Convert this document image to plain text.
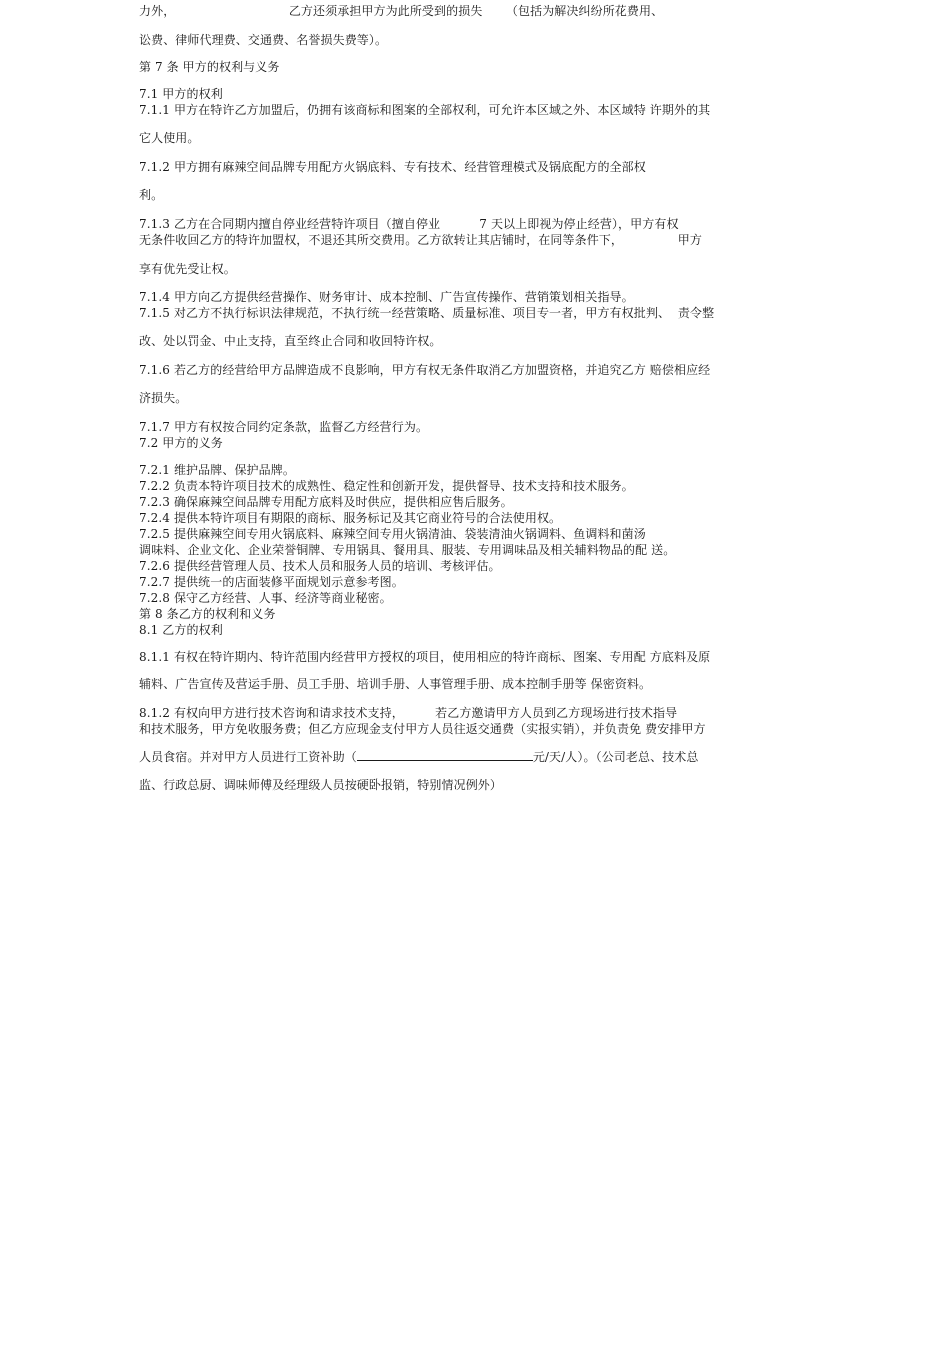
力外，                             乙方还须承担甲方为此所受到的损失      （包括为解决纠纷所花费用、
讼费、律师代理费、交通费、名誉损失费等）。
第 7 条 甲方的权利与义务
7.1 甲方的权利
7.1.1 甲方在特许乙方加盟后，仍拥有该商标和图案的全部权利，可允许本区域之外、本区域特 许期外的其
它人使用。
7.1.2 甲方拥有麻辣空间品牌专用配方火锅底料、专有技术、经营管理模式及锅底配方的全部权
利。
7.1.3 乙方在合同期内擅自停业经营特许项目（擅自停业          7 天以上即视为停止经营），甲方有权
无条件收回乙方的特许加盟权，不退还其所交费用。乙方欲转让其店铺时，在同等条件下，              甲方
享有优先受让权。
7.1.4 甲方向乙方提供经营操作、财务审计、成本控制、广告宣传操作、营销策划相关指导。
7.1.5 对乙方不执行标识法律规范，不执行统一经营策略、质量标准、项目专一者，甲方有权批判、  责令整
改、处以罚金、中止支持，直至终止合同和收回特许权。
7.1.6 若乙方的经营给甲方品牌造成不良影响，甲方有权无条件取消乙方加盟资格，并追究乙方 赔偿相应经
济损失。
7.1.7 甲方有权按合同约定条款，监督乙方经营行为。
7.2 甲方的义务
7.2.1 维护品牌、保护品牌。
7.2.2 负责本特许项目技术的成熟性、稳定性和创新开发，提供督导、技术支持和技术服务。
7.2.3 确保麻辣空间品牌专用配方底料及时供应，提供相应售后服务。
7.2.4 提供本特许项目有期限的商标、服务标记及其它商业符号的合法使用权。
7.2.5 提供麻辣空间专用火锅底料、麻辣空间专用火锅清油、袋装清油火锅调料、鱼调料和菌汤
调味料、企业文化、企业荣誉铜牌、专用锅具、餐用具、服装、专用调味品及相关辅料物品的配 送。
7.2.6 提供经营管理人员、技术人员和服务人员的培训、考核评估。
7.2.7 提供统一的店面装修平面规划示意参考图。
7.2.8 保守乙方经营、人事、经济等商业秘密。
第 8 条乙方的权利和义务
8.1 乙方的权利
8.1.1 有权在特许期内、特许范围内经营甲方授权的项目，使用相应的特许商标、图案、专用配 方底料及原
辅料、广告宣传及营运手册、员工手册、培训手册、人事管理手册、成本控制手册等 保密资料。
8.1.2 有权向甲方进行技术咨询和请求技术支持，        若乙方邀请甲方人员到乙方现场进行技术指导
和技术服务，甲方免收服务费；但乙方应现金支付甲方人员往返交通费（实报实销），并负责免 费安排甲方
人员食宿。并对甲方人员进行工资补助（	元/天/人）。（公司老总、技术总
监、行政总厨、调味师傅及经理级人员按硬卧报销，特别情况例外）
